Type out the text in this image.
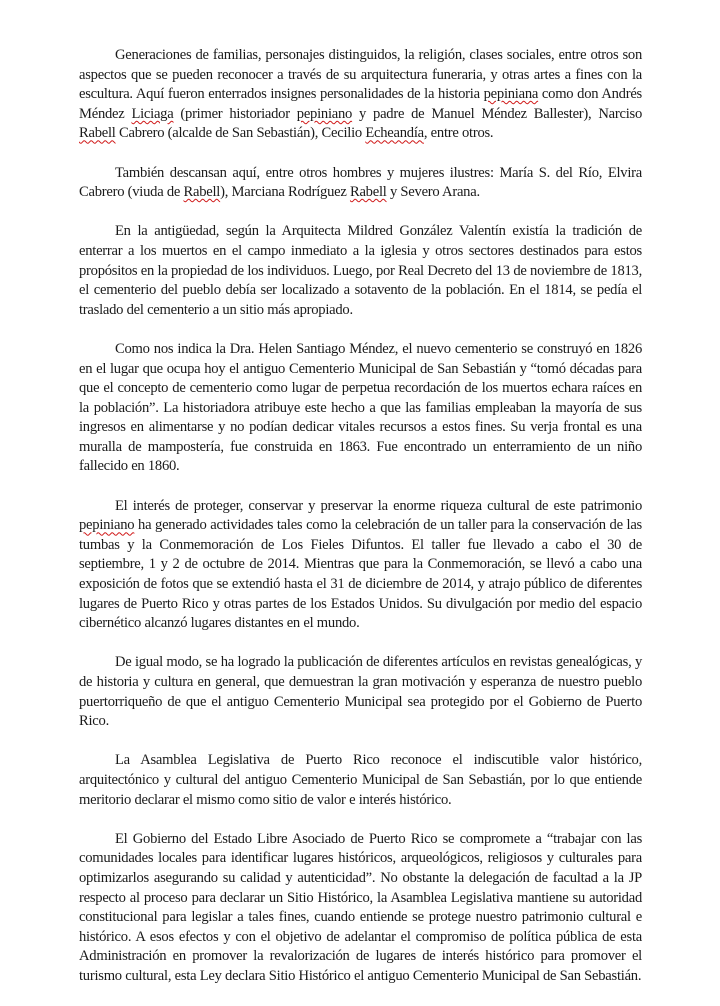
Generaciones de familias, personajes distinguidos, la religión, clases sociales, entre otros son aspectos que se pueden reconocer a través de su arquitectura funeraria, y otras artes a fines con la escultura. Aquí fueron enterrados insignes personalidades de la historia pepiniana como don Andrés Méndez Liciaga (primer historiador pepiniano y padre de Manuel Méndez Ballester), Narciso Rabell Cabrero (alcalde de San Sebastián), Cecilio Echeandía, entre otros.

También descansan aquí, entre otros hombres y mujeres ilustres: María S. del Río, Elvira Cabrero (viuda de Rabell), Marciana Rodríguez Rabell y Severo Arana.

En la antigüedad, según la Arquitecta Mildred González Valentín existía la tradición de enterrar a los muertos en el campo inmediato a la iglesia y otros sectores destinados para estos propósitos en la propiedad de los individuos. Luego, por Real Decreto del 13 de noviembre de 1813, el cementerio del pueblo debía ser localizado a sotavento de la población. En el 1814, se pedía el traslado del cementerio a un sitio más apropiado.

Como nos indica la Dra. Helen Santiago Méndez, el nuevo cementerio se construyó en 1826 en el lugar que ocupa hoy el antiguo Cementerio Municipal de San Sebastián y “tomó décadas para que el concepto de cementerio como lugar de perpetua recordación de los muertos echara raíces en la población”. La historiadora atribuye este hecho a que las familias empleaban la mayoría de sus ingresos en alimentarse y no podían dedicar vitales recursos a estos fines. Su verja frontal es una muralla de mampostería, fue construida en 1863. Fue encontrado un enterramiento de un niño fallecido en 1860.

El interés de proteger, conservar y preservar la enorme riqueza cultural de este patrimonio pepiniano ha generado actividades tales como la celebración de un taller para la conservación de las tumbas y la Conmemoración de Los Fieles Difuntos. El taller fue llevado a cabo el 30 de septiembre, 1 y 2 de octubre de 2014. Mientras que para la Conmemoración, se llevó a cabo una exposición de fotos que se extendió hasta el 31 de diciembre de 2014, y atrajo público de diferentes lugares de Puerto Rico y otras partes de los Estados Unidos. Su divulgación por medio del espacio cibernético alcanzó lugares distantes en el mundo.

De igual modo, se ha logrado la publicación de diferentes artículos en revistas genealógicas, y de historia y cultura en general, que demuestran la gran motivación y esperanza de nuestro pueblo puertorriqueño de que el antiguo Cementerio Municipal sea protegido por el Gobierno de Puerto Rico.

La Asamblea Legislativa de Puerto Rico reconoce el indiscutible valor histórico, arquitectónico y cultural del antiguo Cementerio Municipal de San Sebastián, por lo que entiende meritorio declarar el mismo como sitio de valor e interés histórico.

El Gobierno del Estado Libre Asociado de Puerto Rico se compromete a “trabajar con las comunidades locales para identificar lugares históricos, arqueológicos, religiosos y culturales para optimizarlos asegurando su calidad y autenticidad”. No obstante la delegación de facultad a la JP respecto al proceso para declarar un Sitio Histórico, la Asamblea Legislativa mantiene su autoridad constitucional para legislar a tales fines, cuando entiende se protege nuestro patrimonio cultural e histórico. A esos efectos y con el objetivo de adelantar el compromiso de política pública de esta Administración en promover la revalorización de lugares de interés histórico para promover el turismo cultural, esta Ley declara Sitio Histórico el antiguo Cementerio Municipal de San Sebastián.
